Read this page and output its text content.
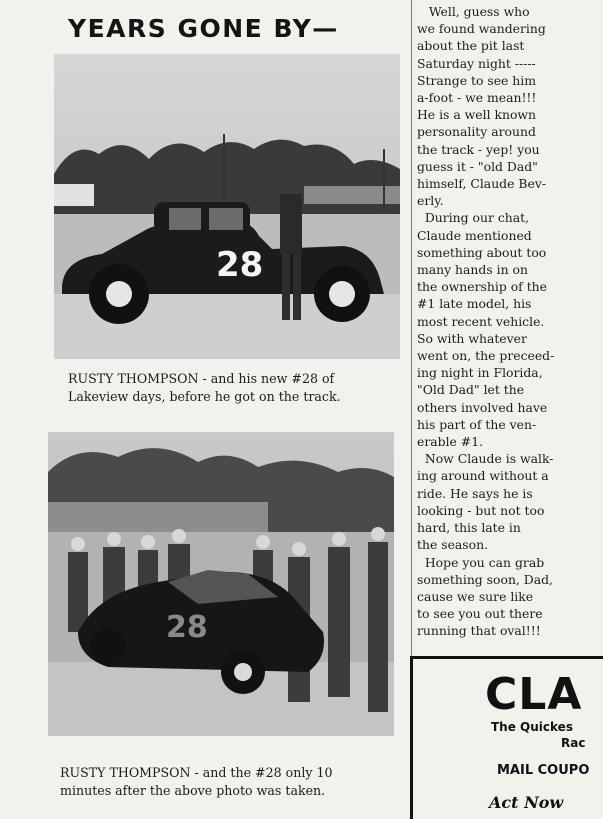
YEARS GONE BY—
28
RUSTY THOMPSON - and his new #28 of
Lakeview days, before he got on the track.
28
RUSTY THOMPSON - and the #28 only 10
minutes after the above photo was taken.

Well, guess who

we found wandering

about the pit last

Saturday night -----

Strange to see him

a-foot - we mean!!!

He is a well known

personality around

the track - yep! you

guess it - "old Dad"

himself, Claude Bev-

erly.

During our chat,

Claude mentioned

something about too

many hands in on

the ownership of the

#1 late model, his

most recent vehicle.

So with whatever

went on, the preceed-

ing night in Florida,

"Old Dad" let the

others involved have

his part of the ven-

erable #1.

Now Claude is walk-

ing around without a

ride. He says he is

looking - but not too

hard, this late in

the season.

Hope you can grab

something soon, Dad,

cause we sure like

to see you out there

running that oval!!!

CLA
The Quickes
Rac
MAIL COUPO
Act Now
